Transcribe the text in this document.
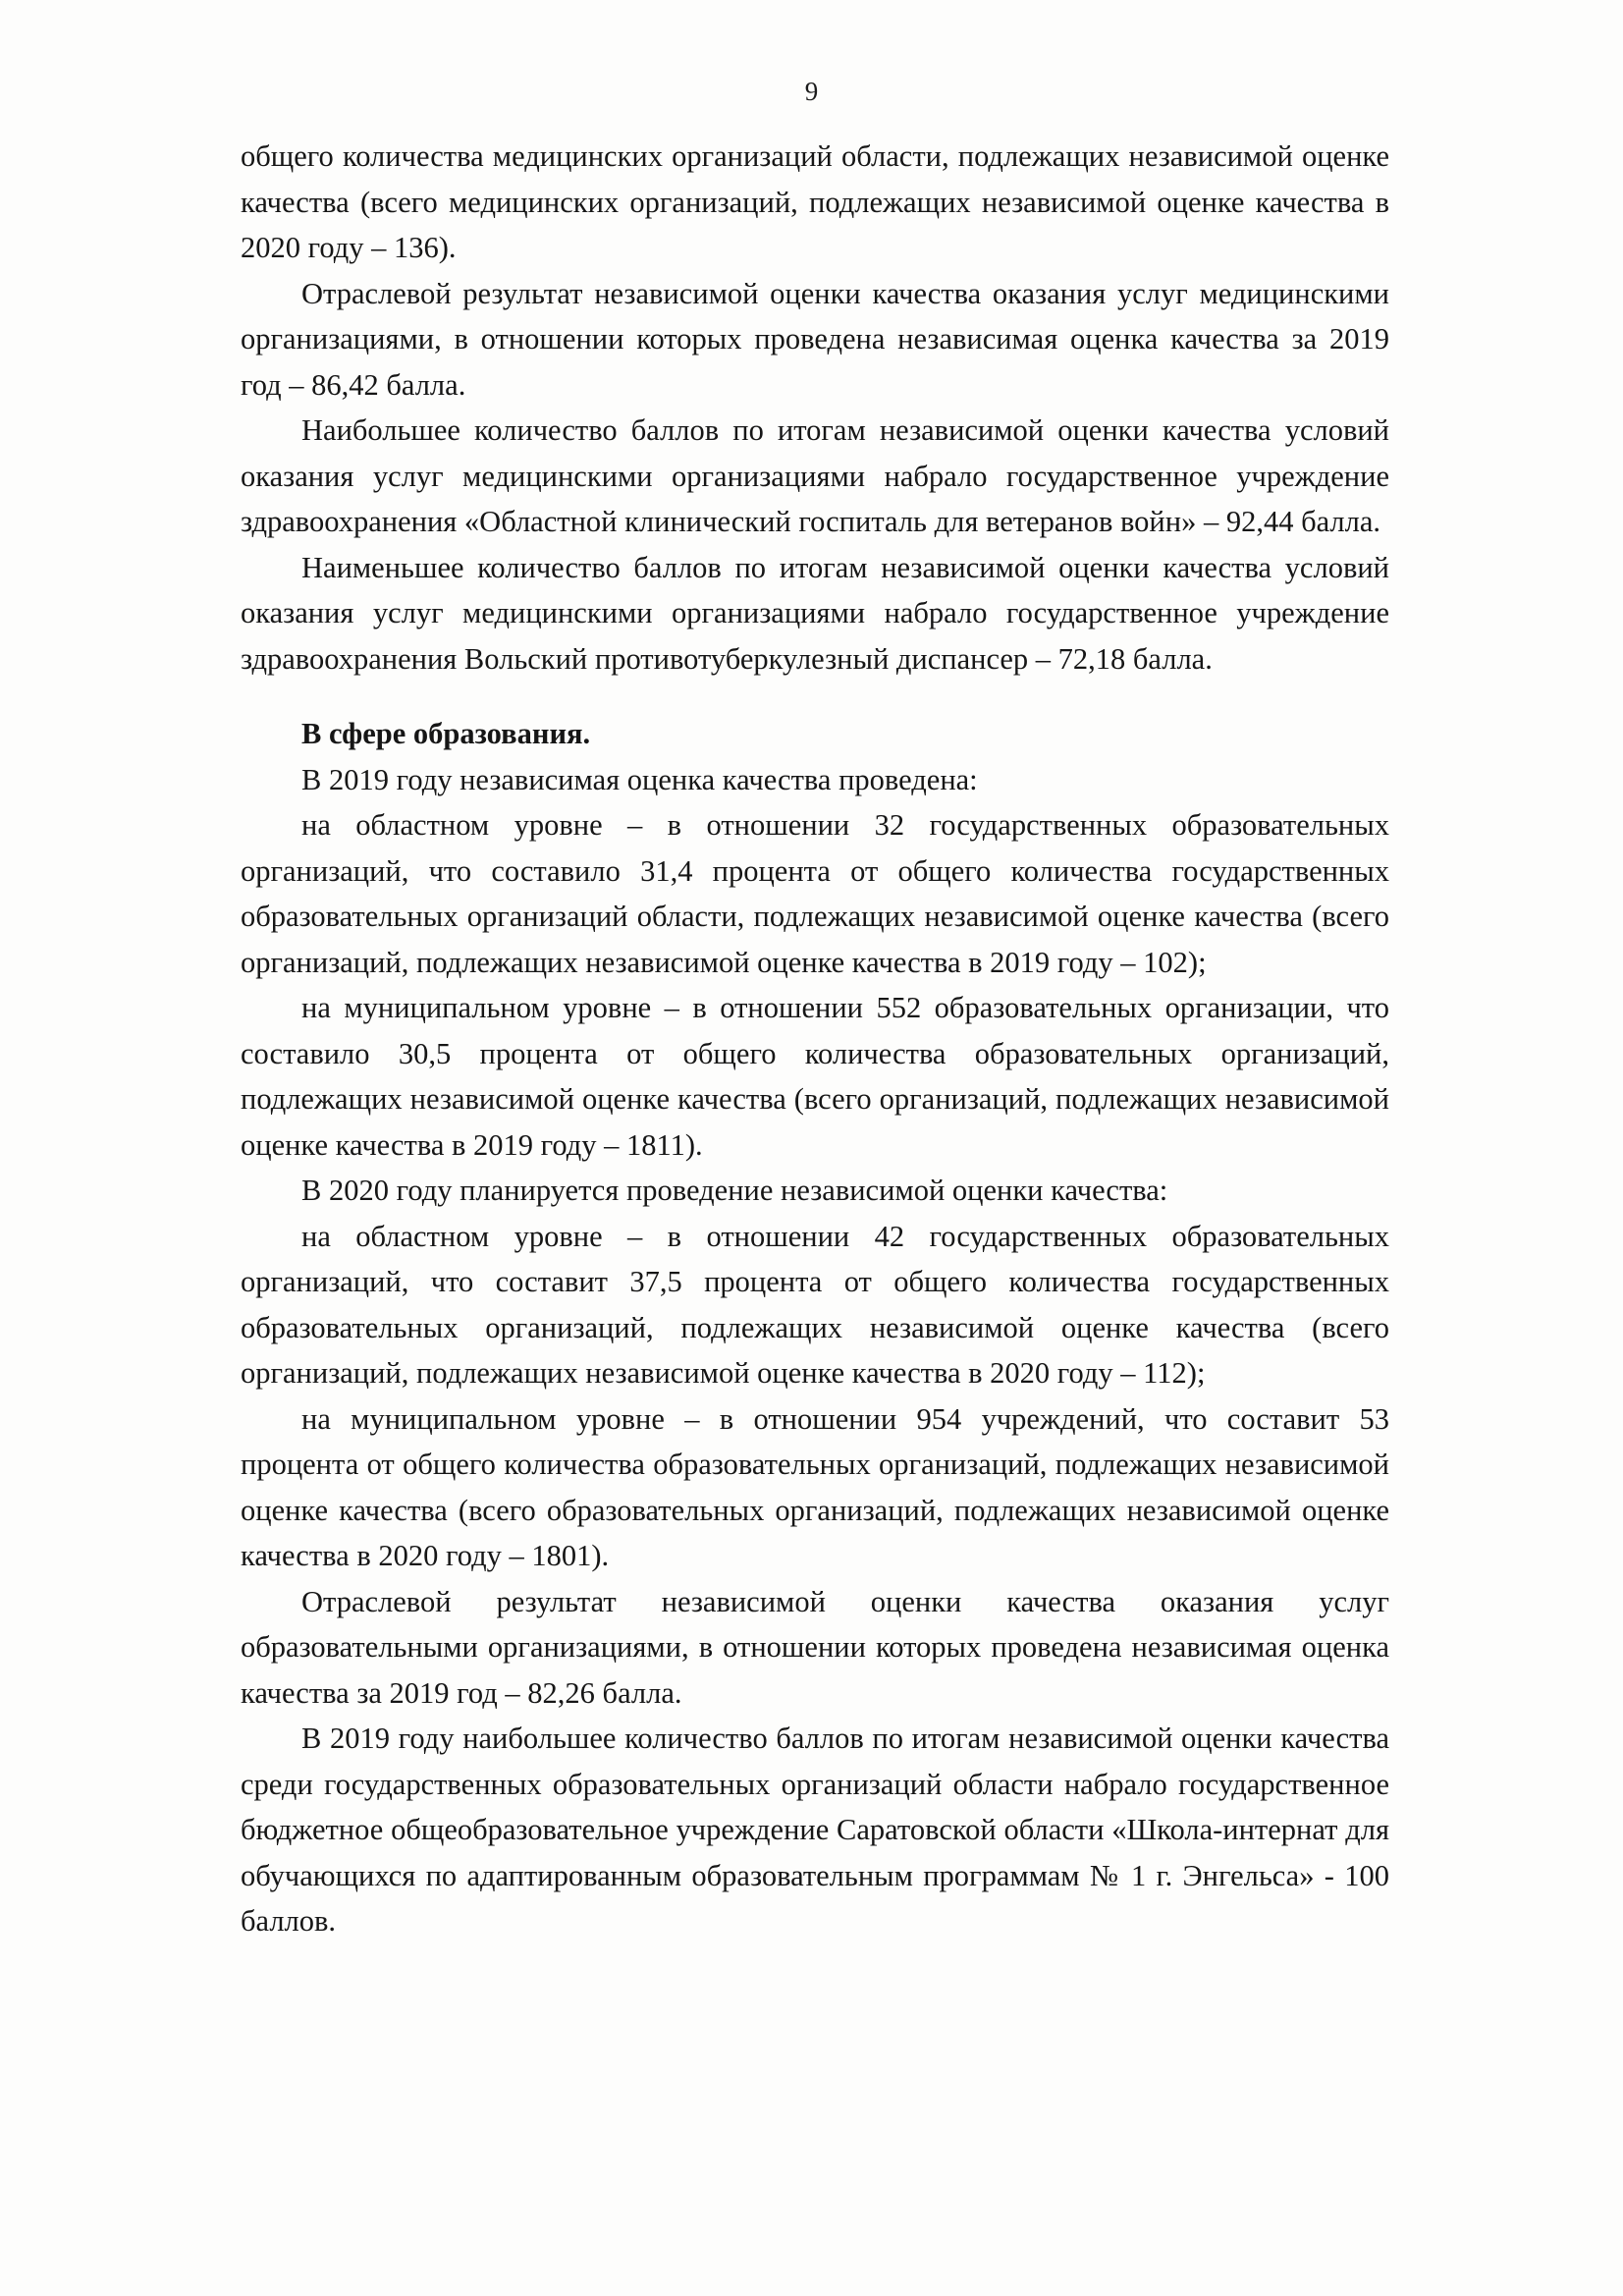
9

общего количества медицинских организаций области, подлежащих независимой оценке качества (всего медицинских организаций, подлежащих независимой оценке качества в 2020 году – 136).

Отраслевой результат независимой оценки качества оказания услуг медицинскими организациями, в отношении которых проведена независимая оценка качества за 2019 год – 86,42 балла.

Наибольшее количество баллов по итогам независимой оценки качества условий оказания услуг медицинскими организациями набрало государственное учреждение здравоохранения «Областной клинический госпиталь для ветеранов войн» – 92,44 балла.

Наименьшее количество баллов по итогам независимой оценки качества условий оказания услуг медицинскими организациями набрало государственное учреждение здравоохранения Вольский противотуберкулезный диспансер – 72,18 балла.

В сфере образования.

В 2019 году независимая оценка качества проведена:

на областном уровне – в отношении 32 государственных образовательных организаций, что составило 31,4 процента от общего количества государственных образовательных организаций области, подлежащих независимой оценке качества (всего организаций, подлежащих независимой оценке качества в 2019 году – 102);

на муниципальном уровне – в отношении 552 образовательных организации, что составило 30,5 процента от общего количества образовательных организаций, подлежащих независимой оценке качества (всего организаций, подлежащих независимой оценке качества в 2019 году – 1811).

В 2020 году планируется проведение независимой оценки качества:

на областном уровне – в отношении 42 государственных образовательных организаций, что составит 37,5 процента от общего количества государственных образовательных организаций, подлежащих независимой оценке качества (всего организаций, подлежащих независимой оценке качества в 2020 году – 112);

на муниципальном уровне – в отношении 954 учреждений, что составит 53 процента от общего количества образовательных организаций, подлежащих независимой оценке качества (всего образовательных организаций, подлежащих независимой оценке качества в 2020 году – 1801).

Отраслевой результат независимой оценки качества оказания услуг образовательными организациями, в отношении которых проведена независимая оценка качества за 2019 год – 82,26 балла.

В 2019 году наибольшее количество баллов по итогам независимой оценки качества среди государственных образовательных организаций области набрало государственное бюджетное общеобразовательное учреждение Саратовской области «Школа-интернат для обучающихся по адаптированным образовательным программам № 1 г. Энгельса» - 100 баллов.
